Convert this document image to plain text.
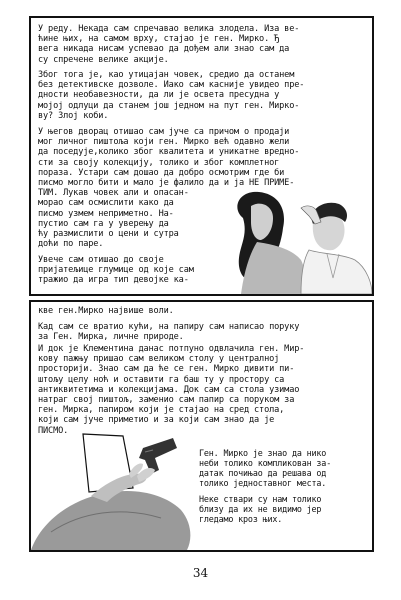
У реду. Некада сам спречавао велика злодела. Иза ве-
ћине њих, на самом врху, стајао је ген. Мирко. Ђ
вега никада нисам успевао да дођем али знао сам да
су спречене велике акције.
Због тога је, као утицајан човек, средио да останем
без детективске дозволе. Иако сам касније увидео пре-
дности необавезности, да ли је освета пресудна у
мојој одлуци да станем још једном на пут ген. Мирко-
ву? Злој коби.
У његов дворац отишао сам јуче са причом о продаји
мог личног пиштоља који ген. Мирко већ одавно жели
да поседује,колико због квалитета и уникатне вредно-
сти за своју колекцију, толико и због комплетног
пораза. Устари сам дошао да добро осмотрим где би
писмо могло бити и мало је фалило да и ја НЕ ПРИМЕ-
ТИМ. Лукав човек али и опасан-
морао сам осмислити како да
писмо узмем неприметно. На-
пустио сам га у уверењу да
ћу размислити о цени и сутра
доћи по паре.
Увече сам отишао до своје
пријатељице глумице од које сам
тражио да игра тип девојке ка-
кве ген.Мирко највише воли.
Кад сам се вратио кући, на папиру сам написао поруку
за Ген. Мирка, личне природе.
И док је Клементина данас потпуно одвлачила ген. Мир-
кову пажњу пришао сам великом столу у централној
просторији. Знао сам да ће се ген. Мирко дивити пи-
штољу целу ноћ и оставити га баш ту у простору са
антиквитетима и колекцијама. Док сам са стола узимао
натраг свој пиштољ, заменио сам папир са поруком за
ген. Мирка, папиром који је стајао на сред стола,
који сам јуче приметио и за који сам знао да је
ПИСМО.
Ген. Мирко је знао да нико
неби толико компликован за-
датак почињао да решава од
толико једноставног места.
Неке ствари су нам толико
близу да их не видимо јер
гледамо кроз њих.
34
